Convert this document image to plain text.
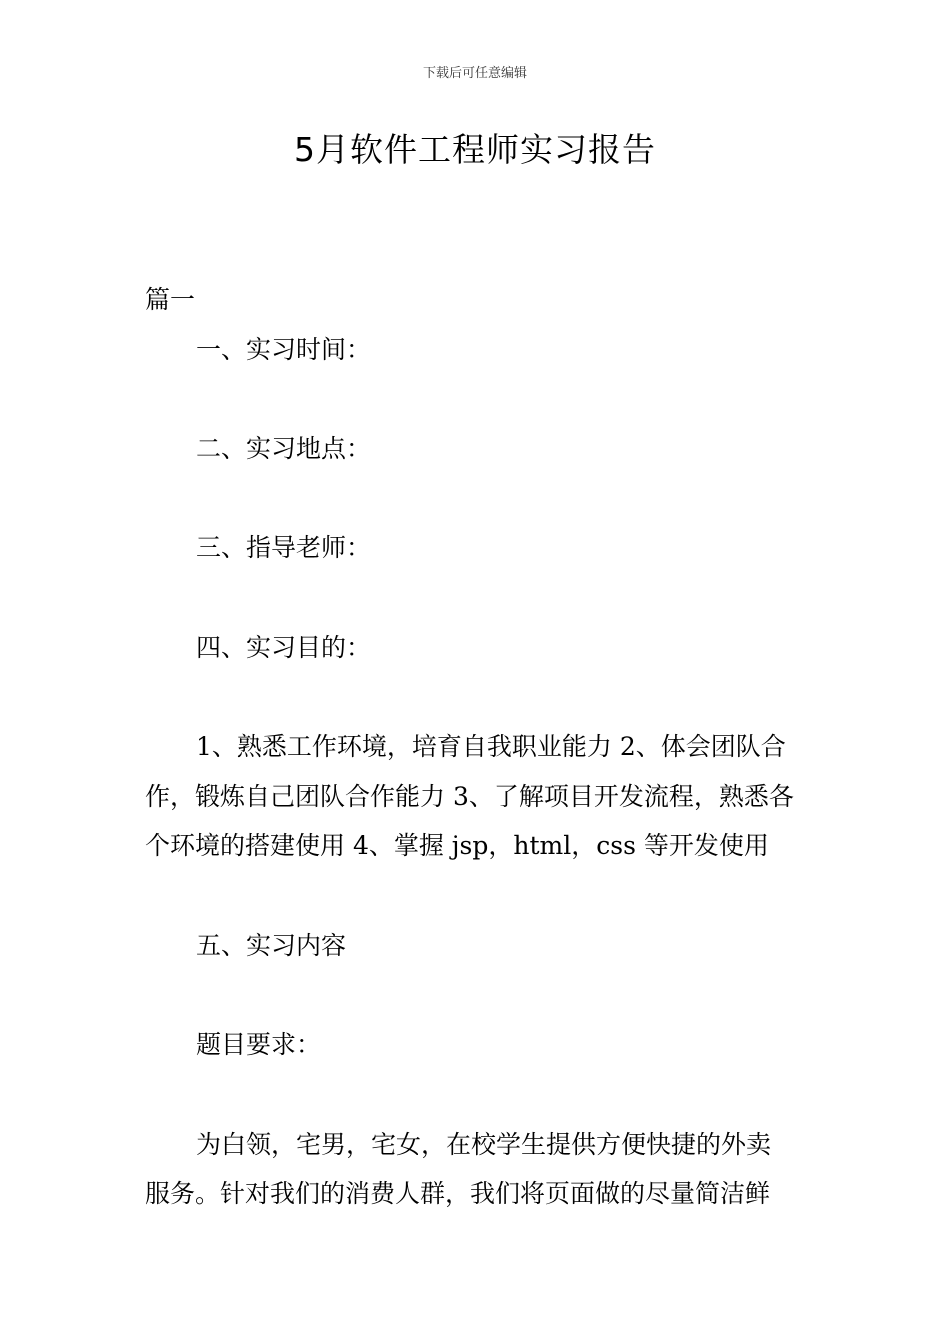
下载后可任意编辑
5月软件工程师实习报告
篇一
一、实习时间：
二、实习地点：
三、指导老师：
四、实习目的：
1、熟悉工作环境，培育自我职业能力 2、体会团队合
作，锻炼自己团队合作能力 3、了解项目开发流程，熟悉各
个环境的搭建使用 4、掌握 jsp，html，css 等开发使用
五、实习内容
题目要求：
为白领，宅男，宅女，在校学生提供方便快捷的外卖
服务。针对我们的消费人群，我们将页面做的尽量简洁鲜
